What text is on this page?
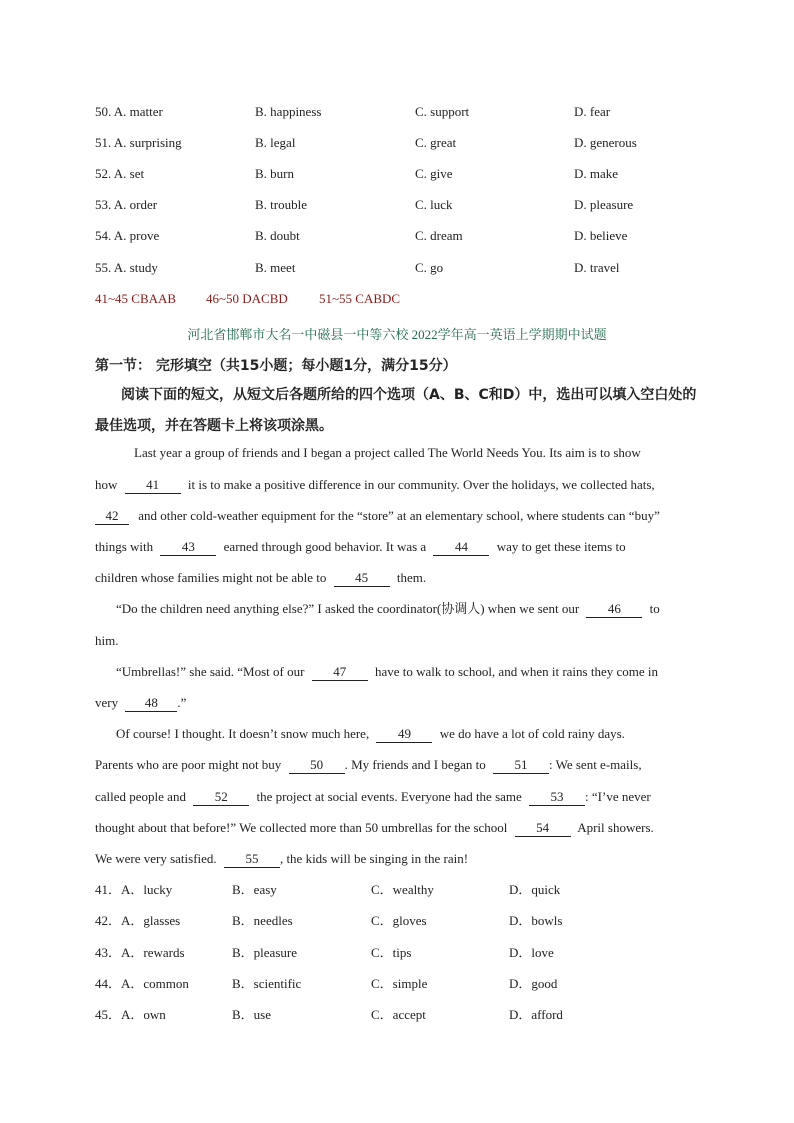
50. A. matter	B. happiness	C. support	D. fear
51. A. surprising	B. legal	C. great	D. generous
52. A. set	B. burn	C. give	D. make
53. A. order	B. trouble	C. luck	D. pleasure
54. A. prove	B. doubt	C. dream	D. believe
55. A. study	B. meet	C. go	D. travel
41~45 CBAAB 46~50 DACBD 51~55 CABDC
河北省邯郸市大名一中磁县一中等六校 2022学年高一英语上学期期中试题
第一节： 完形填空（共15小题；每小题1分，满分15分）
阅读下面的短文，从短文后各题所给的四个选项（A、B、C和D）中，选出可以填入空白处的最佳选项，并在答题卡上将该项涂黑。
Last year a group of friends and I began a project called The World Needs You. Its aim is to show
how 41 it is to make a positive difference in our community. Over the holidays, we collected hats,
42 and other cold-weather equipment for the “store” at an elementary school, where students can “buy”
things with 43 earned through good behavior. It was a 44 way to get these items to
children whose families might not be able to 45 them.
“Do the children need anything else?” I asked the coordinator(协调人) when we sent our 46 to
him.
“Umbrellas!” she said. “Most of our 47 have to walk to school, and when it rains they come in
very 48 .”
Of course! I thought. It doesn’t snow much here, 49 we do have a lot of cold rainy days.
Parents who are poor might not buy 50 . My friends and I began to 51 : We sent e-mails,
called people and 52 the project at social events. Everyone had the same 53 : “I’ve never
thought about that before!” We collected more than 50 umbrellas for the school 54 April showers.
We were very satisfied. 55 , the kids will be singing in the rain!
41．A．lucky	B．easy	C．wealthy	D．quick
42．A．glasses	B．needles	C．gloves	D．bowls
43．A．rewards	B．pleasure	C．tips	D．love
44．A．common	B．scientific	C．simple	D．good
45．A．own	B．use	C．accept	D．afford
